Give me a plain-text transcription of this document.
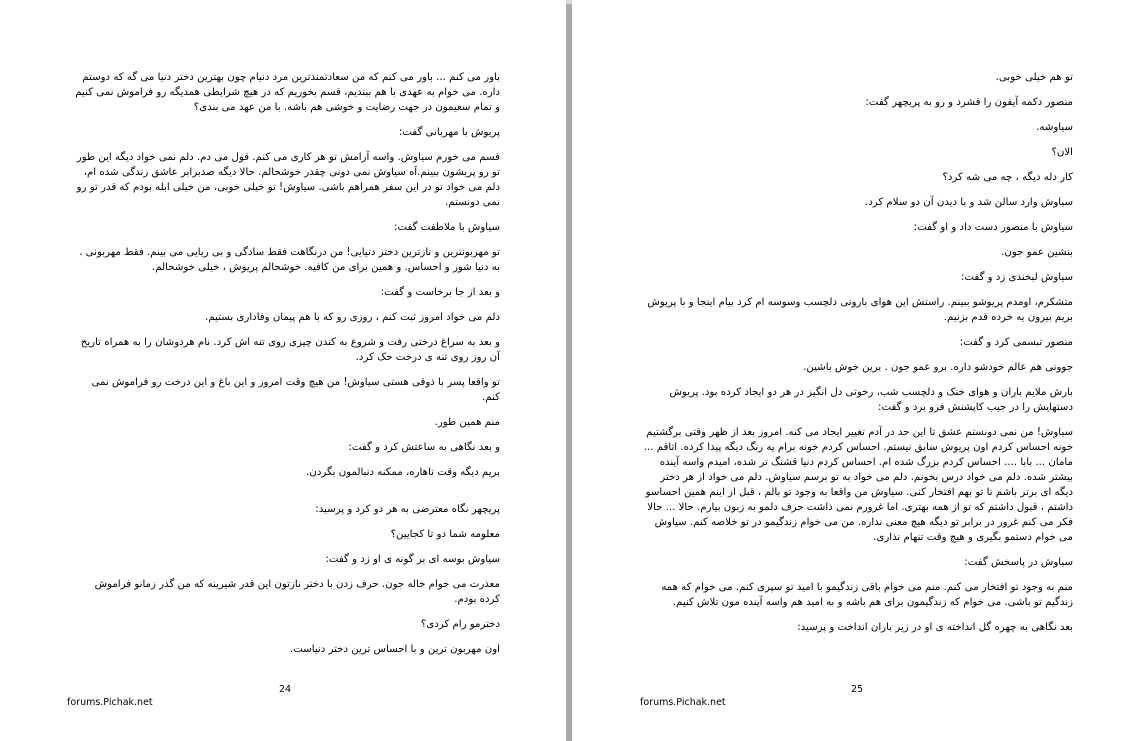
باور می کنم ... باور می کنم که من سعادتمندترین مرد دنیام چون بهترین دختر دنیا می گه که دوستم داره. می خوام به عهدی با هم ببندیم، قسم بخوریم که در هیچ شرایطی همدیگه رو فراموش نمی کنیم و تمام سعیمون در جهت رضایت و خوشی هم باشه. با من عهد می بندی؟

پریوش با مهربانی گفت:

قسم می خورم سیاوش. واسه آرامش تو هر کاری می کنم. قول می دم. دلم نمی خواد دیگه این طور تو رو پریشون ببینم.آه سیاوش نمی دونی چقدر خوشحالم. حالا دیگه صدبرابر عاشق زندگی شده ام، دلم می خواد تو در این سفر همراهم باشی. سیاوش! تو خیلی خوبی، من خیلی ابله بودم که قدر تو رو نمی دونستم.

سیاوش با ملاطفت گفت:

تو مهربونترین و نازترین دختر دنیایی! من درنگاهت فقط سادگی و بی ریایی می بینم. فقط مهربونی . به دنیا شور و احساس. و همین برای من کافیه. خوشحالم پریوش ، خیلی خوشحالم.

و بعد از جا برخاست و گفت:

دلم می خواد امروز ثبت کنم ، روزی رو که با هم پیمان وفاداری بستیم.

و بعد به سراغ درختی رفت و شروع به کندن چیزی روی تنه اش کرد. نام هردوشان را به همراه تاریخ آن روز روی تنه ی درخت حک کرد.

تو واقعا پسر با ذوقی هستی سیاوش! من هیچ وقت امروز و این باغ و این درخت رو فراموش نمی کنم.

منم همین طور.

و بعد نگاهی به ساعتش کرد و گفت:

بریم دیگه وقت ناهاره، ممکنه دنبالمون بگردن.

پریچهر نگاه معترضی به هر دو کرد و پرسید:

معلومه شما دو تا کجایین؟

سیاوش بوسه ای بر گونه ی او زد و گفت:

معذرت می خوام خاله جون. حرف زدن با دختر نازتون این قدر شیرینه که من گذر زمانو فراموش کرده بودم.

دخترمو رام کردی؟

اون مهربون ترین و با احساس ترین دختر دنیاست.

24
forums.Pichak.net

تو هم خیلی خوبی.

منصور دکمه آیفون را فشرد و رو به پریچهر گفت:

سیاوشه.

الان؟

کار دله دیگه ، چه می شه کرد؟

سیاوش وارد سالن شد و با دیدن آن دو سلام کرد.

سیاوش با منصور دست داد و او گفت:

بنشین عمو جون.

سیاوش لبخندی زد و گفت:

متشکرم، اومدم پریوشو ببینم. راستش این هوای بارونی دلچسب وسوسه ام کرد بیام اینجا و با پریوش بریم بیرون یه خرده قدم بزنیم.

منصور تبسمی کرد و گفت:

جوونی هم عالم خودشو داره. برو عمو جون . برین خوش باشین.

بارش ملایم باران و هوای خنک و دلچسب شب، رخوتی دل انگیز در هر دو ایجاد کرده بود. پریوش دستهایش را در جیب کاپشنش فرو برد و گفت:

سیاوش! من نمی دونستم عشق تا این حد در آدم تغییر ایجاد می کنه. امروز بعد از ظهر وقتی برگشتیم خونه احساس کردم اون پریوش سابق نیستم. احساس کردم خونه برام یه رنگ دیگه پیدا کرده. اتاقم ... مامان ... بابا .... احساس کردم بزرگ شده ام. احساس کردم دنیا قشنگ تر شده، امیدم واسه آینده بیشتر شده. دلم می خواد درس بخونم. دلم می خواد به تو برسم سیاوش. دلم می خواد از هر دختر دیگه ای برتر باشم تا تو بهم افتخار کنی. سیاوش من واقعا به وجود تو بالم ، قبل از اینم همین احساسو داشتم ، قبول داشتم که تو از همه بهتری. اما غرورم نمی ذاشت حرف دلمو به زبون بیارم. حالا ... حالا فکر می کنم غرور در برابر تو دیگه هیچ معنی نداره. من می خوام زندگیمو در تو خلاصه کنم. سیاوش می خوام دستمو بگیری و هیچ وقت تنهام نذاری.

سیاوش در پاسخش گفت:

منم به وجود تو افتخار می کنم. منم می خوام باقی زندگیمو با امید تو سپری کنم. می خوام که همه زندگیم تو باشی. می خوام که زندگیمون برای هم باشه و به امید هم واسه آینده مون تلاش کنیم.

بعد نگاهی به چهره گل انداخته ی او در زیر باران انداخت و پرسید:

25
forums.Pichak.net
